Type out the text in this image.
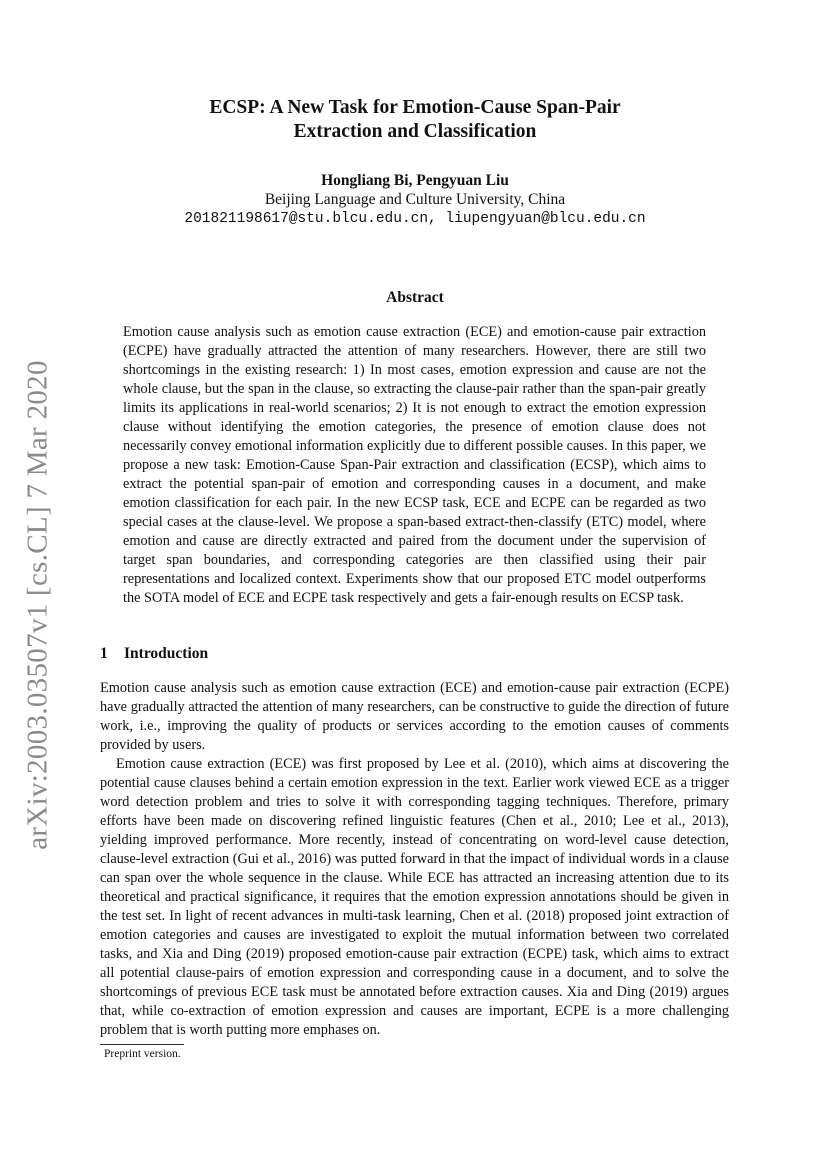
arXiv:2003.03507v1 [cs.CL] 7 Mar 2020
ECSP: A New Task for Emotion-Cause Span-Pair Extraction and Classification

Hongliang Bi, Pengyuan Liu

Beijing Language and Culture University, China

201821198617@stu.blcu.edu.cn, liupengyuan@blcu.edu.cn

Abstract

Emotion cause analysis such as emotion cause extraction (ECE) and emotion-cause pair extraction (ECPE) have gradually attracted the attention of many researchers. However, there are still two shortcomings in the existing research: 1) In most cases, emotion expression and cause are not the whole clause, but the span in the clause, so extracting the clause-pair rather than the span-pair greatly limits its applications in real-world scenarios; 2) It is not enough to extract the emotion expression clause without identifying the emotion categories, the presence of emotion clause does not necessarily convey emotional information explicitly due to different possible causes. In this paper, we propose a new task: Emotion-Cause Span-Pair extraction and classification (ECSP), which aims to extract the potential span-pair of emotion and corresponding causes in a document, and make emotion classification for each pair. In the new ECSP task, ECE and ECPE can be regarded as two special cases at the clause-level. We propose a span-based extract-then-classify (ETC) model, where emotion and cause are directly extracted and paired from the document under the supervision of target span boundaries, and corresponding categories are then classified using their pair representations and localized context. Experiments show that our proposed ETC model outperforms the SOTA model of ECE and ECPE task respectively and gets a fair-enough results on ECSP task.

1 Introduction

Emotion cause analysis such as emotion cause extraction (ECE) and emotion-cause pair extraction (ECPE) have gradually attracted the attention of many researchers, can be constructive to guide the direction of future work, i.e., improving the quality of products or services according to the emotion causes of comments provided by users.

Emotion cause extraction (ECE) was first proposed by Lee et al. (2010), which aims at discovering the potential cause clauses behind a certain emotion expression in the text. Earlier work viewed ECE as a trigger word detection problem and tries to solve it with corresponding tagging techniques. Therefore, primary efforts have been made on discovering refined linguistic features (Chen et al., 2010; Lee et al., 2013), yielding improved performance. More recently, instead of concentrating on word-level cause detection, clause-level extraction (Gui et al., 2016) was putted forward in that the impact of individual words in a clause can span over the whole sequence in the clause. While ECE has attracted an increasing attention due to its theoretical and practical significance, it requires that the emotion expression annotations should be given in the test set. In light of recent advances in multi-task learning, Chen et al. (2018) proposed joint extraction of emotion categories and causes are investigated to exploit the mutual information between two correlated tasks, and Xia and Ding (2019) proposed emotion-cause pair extraction (ECPE) task, which aims to extract all potential clause-pairs of emotion expression and corresponding cause in a document, and to solve the shortcomings of previous ECE task must be annotated before extraction causes. Xia and Ding (2019) argues that, while co-extraction of emotion expression and causes are important, ECPE is a more challenging problem that is worth putting more emphases on.

Preprint version.
